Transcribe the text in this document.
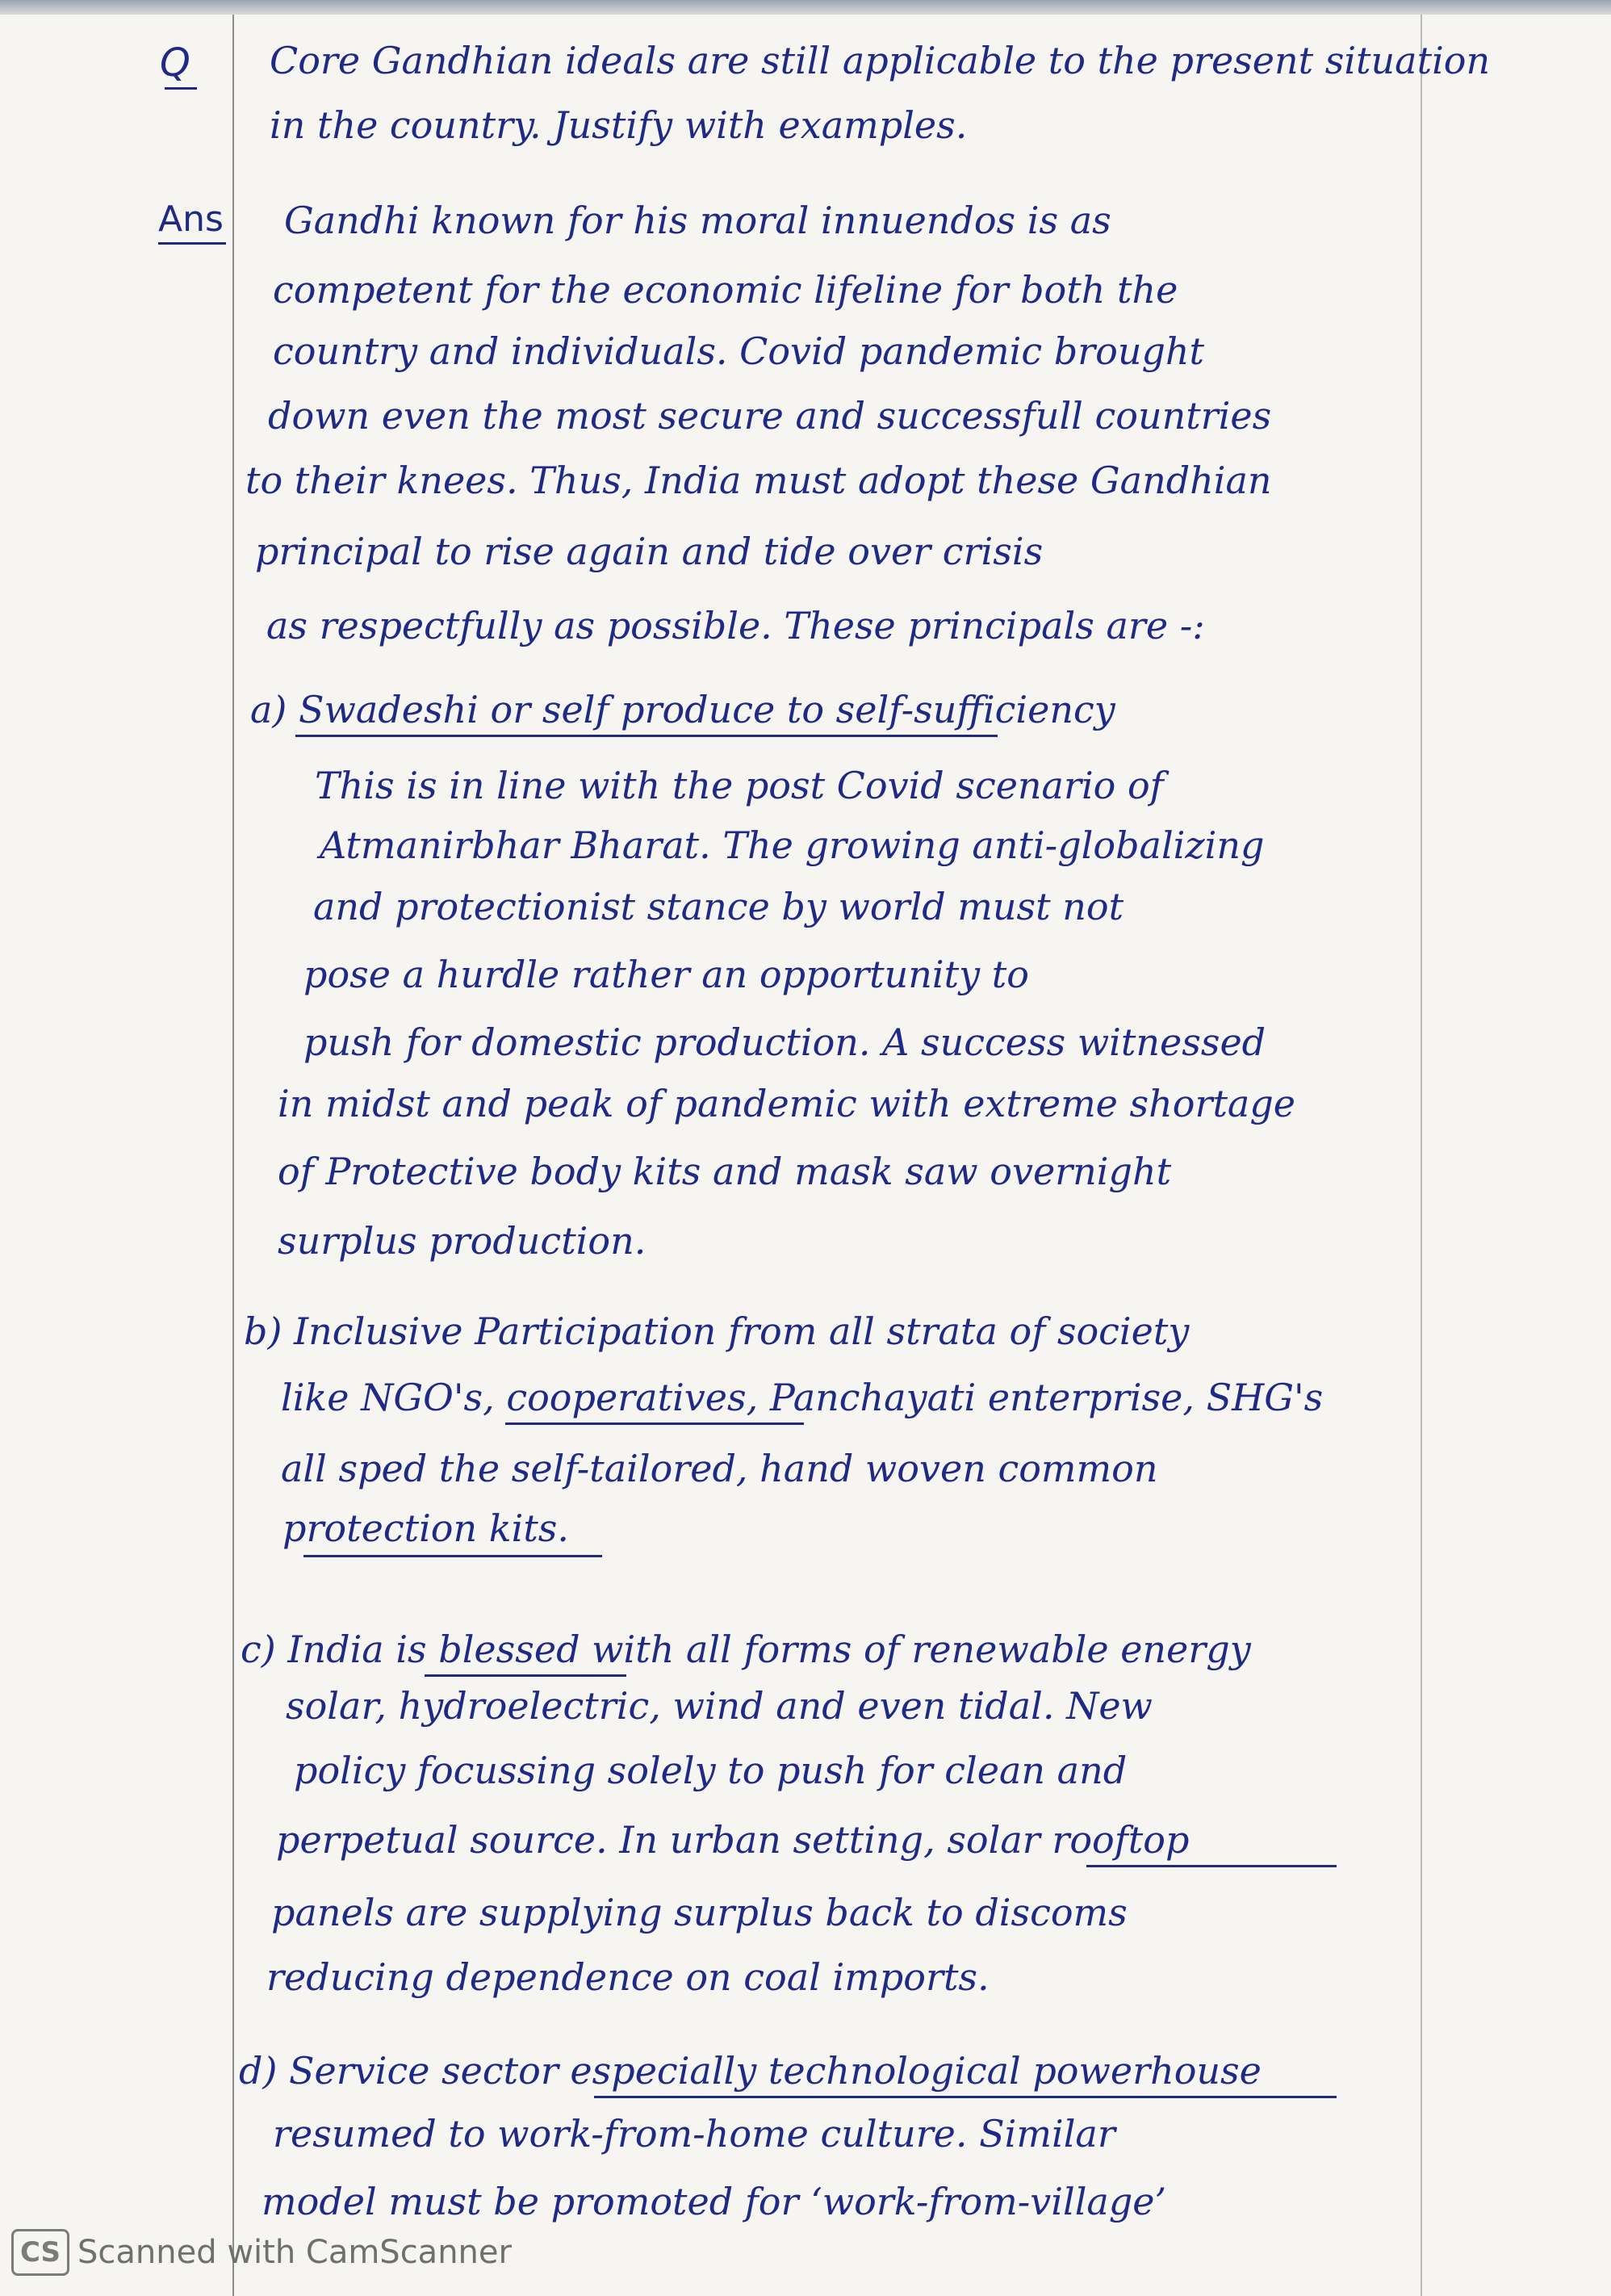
Q Core Gandhian ideals are still applicable to the present situation

in the country. Justify with examples.

Ans Gandhi known for his moral innuendos is as

competent for the economic lifeline for both the

country and individuals. Covid pandemic brought

down even the most secure and successfull countries

to their knees. Thus, India must adopt these Gandhian

principal to rise again and tide over crisis

as respectfully as possible. These principals are -:

a) Swadeshi or self produce to self-sufficiency

This is in line with the post Covid scenario of

Atmanirbhar Bharat. The growing anti-globalizing

and protectionist stance by world must not

pose a hurdle rather an opportunity to

push for domestic production. A success witnessed

in midst and peak of pandemic with extreme shortage

of Protective body kits and mask saw overnight

surplus production.

b) Inclusive Participation from all strata of society

like NGO's, cooperatives, Panchayati enterprise, SHG's

all sped the self-tailored, hand woven common

protection kits.

c) India is blessed with all forms of renewable energy

solar, hydroelectric, wind and even tidal. New

policy focussing solely to push for clean and

perpetual source. In urban setting, solar rooftop

panels are supplying surplus back to discoms

reducing dependence on coal imports.

d) Service sector especially technological powerhouse

resumed to work-from-home culture. Similar

model must be promoted for ‘work-from-village’

CS Scanned with CamScanner
